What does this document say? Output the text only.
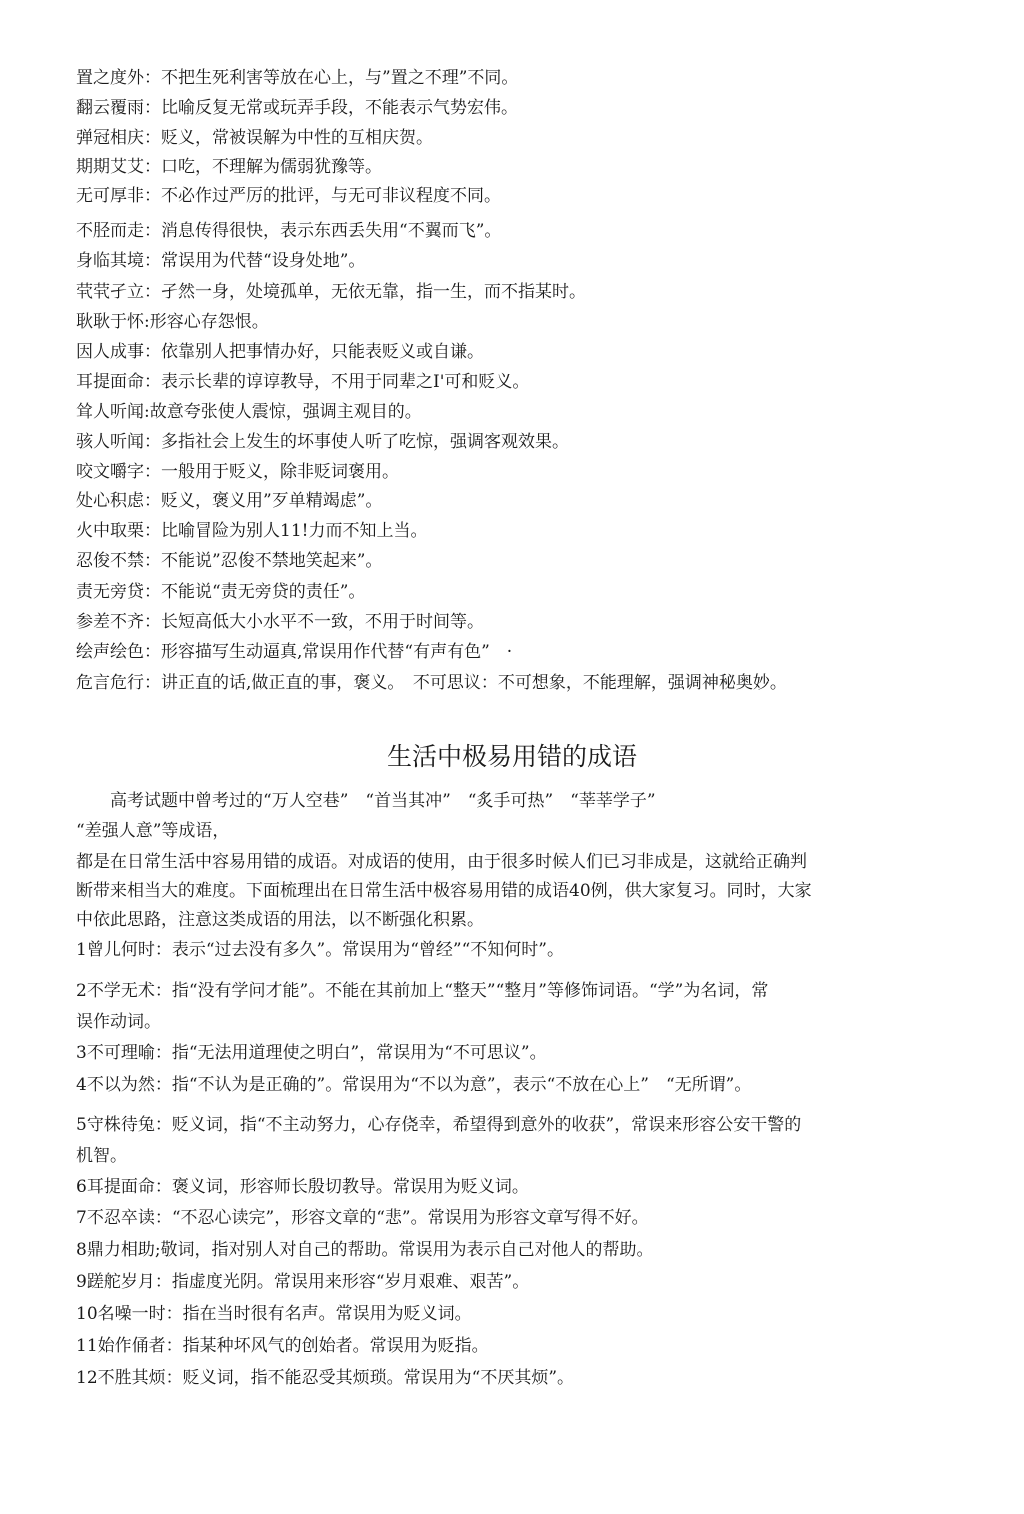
置之度外：不把生死利害等放在心上，与”置之不理”不同。
翻云覆雨：比喻反复无常或玩弄手段，不能表示气势宏伟。
弹冠相庆：贬义，常被误解为中性的互相庆贺。
期期艾艾：口吃，不理解为儒弱犹豫等。
无可厚非：不必作过严厉的批评，与无可非议程度不同。
不胫而走：消息传得很快，表示东西丢失用“不翼而飞”。
身临其境：常误用为代替“设身处地”。
茕茕孑立：孑然一身，处境孤单，无依无靠，指一生，而不指某时。
耿耿于怀:形容心存怨恨。
因人成事：依靠别人把事情办好，只能表贬义或自谦。
耳提面命：表示长辈的谆谆教导，不用于同辈之I'可和贬义。
耸人听闻:故意夸张使人震惊，强调主观目的。
骇人听闻：多指社会上发生的坏事使人听了吃惊，强调客观效果。
咬文嚼字：一般用于贬义，除非贬词褒用。
处心积虑：贬义，褒义用”歹单精竭虑”。
火中取栗：比喻冒险为别人11!力而不知上当。
忍俊不禁：不能说”忍俊不禁地笑起来”。
责无旁贷：不能说“责无旁贷的责任”。
参差不齐：长短高低大小水平不一致，不用于时间等。
绘声绘色：形容描写生动逼真,常误用作代替“有声有色”　·
危言危行：讲正直的话,做正直的事，褒义。　不可思议：不可想象，不能理解，强调神秘奥妙。
生活中极易用错的成语
　　高考试题中曾考过的“万人空巷”　“首当其冲”　“炙手可热”　“莘莘学子”
“差强人意”等成语，
都是在日常生活中容易用错的成语。对成语的使用，由于很多时候人们已习非成是，这就给正确判
断带来相当大的难度。下面梳理出在日常生活中极容易用错的成语40例，供大家复习。同时，大家
中依此思路，注意这类成语的用法，以不断强化积累。
1曾儿何时：表示“过去没有多久”。常误用为“曾经”“不知何时”。
2不学无术：指“没有学问才能”。不能在其前加上“整天”“整月”等修饰词语。“学”为名词，常
误作动词。
3不可理喻：指“无法用道理使之明白”，常误用为“不可思议”。
4不以为然：指“不认为是正确的”。常误用为“不以为意”，表示“不放在心上”　“无所谓”。
5守株待兔：贬义词，指“不主动努力，心存侥幸，希望得到意外的收获”，常误来形容公安干警的
机智。
6耳提面命：褒义词，形容师长殷切教导。常误用为贬义词。
7不忍卒读：“不忍心读完”，形容文章的“悲”。常误用为形容文章写得不好。
8鼎力相助;敬词，指对别人对自己的帮助。常误用为表示自己对他人的帮助。
9蹉舵岁月：指虚度光阴。常误用来形容“岁月艰难、艰苦”。
10名噪一时：指在当时很有名声。常误用为贬义词。
11始作俑者：指某种坏风气的创始者。常误用为贬指。
12不胜其烦：贬义词，指不能忍受其烦琐。常误用为“不厌其烦”。
